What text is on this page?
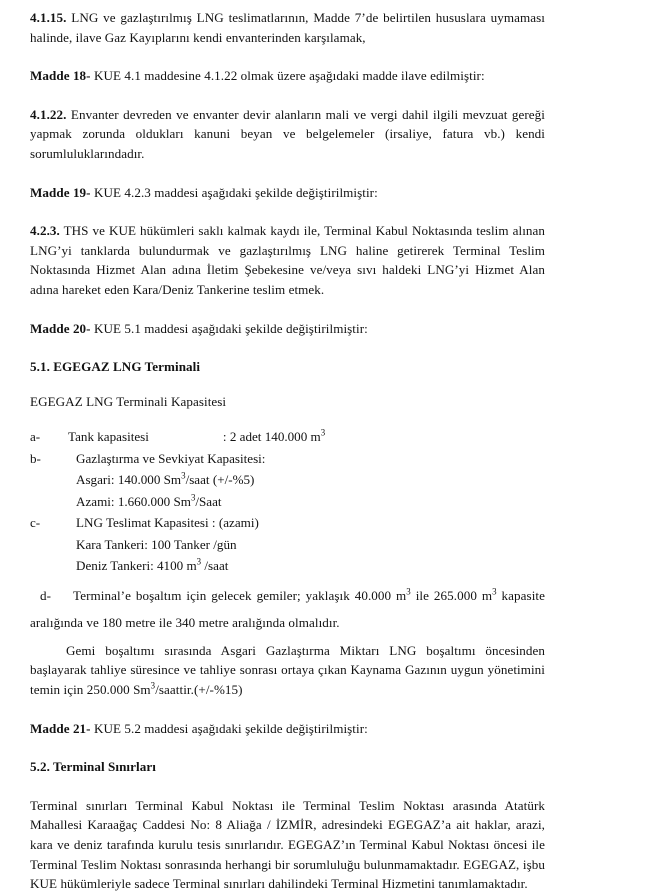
4.1.15. LNG ve gazlaştırılmış LNG teslimatlarının, Madde 7’de belirtilen hususlara uymaması halinde, ilave Gaz Kayıplarını kendi envanterinden karşılamak,

Madde 18- KUE 4.1 maddesine 4.1.22 olmak üzere aşağıdaki madde ilave edilmiştir:

4.1.22. Envanter devreden ve envanter devir alanların mali ve vergi dahil ilgili mevzuat gereği yapmak zorunda oldukları kanuni beyan ve belgelemeler (irsaliye, fatura vb.) kendi sorumluluklarındadır.

Madde 19- KUE 4.2.3 maddesi aşağıdaki şekilde değiştirilmiştir:

4.2.3. THS ve KUE hükümleri saklı kalmak kaydı ile, Terminal Kabul Noktasında teslim alınan LNG’yi tanklarda bulundurmak ve gazlaştırılmış LNG haline getirerek Terminal Teslim Noktasında Hizmet Alan adına İletim Şebekesine ve/veya sıvı haldeki LNG’yi Hizmet Alan adına hareket eden Kara/Deniz Tankerine teslim etmek.

Madde 20- KUE 5.1 maddesi aşağıdaki şekilde değiştirilmiştir:

5.1. EGEGAZ LNG Terminali

EGEGAZ LNG Terminali Kapasitesi

a-	Tank kapasitesi	: 2 adet 140.000 $m^3$
b-	Gazlaştırma ve Sevkiyat Kapasitesi:
Asgari: 140.000 Sm$^3$/saat (+/-%5)
Azami: 1.660.000 Sm$^3$/Saat
c-	LNG Teslimat Kapasitesi : (azami)
Kara Tankeri: 100 Tanker /gün
Deniz Tankeri: 4100 $m^3$ /saat

d- Terminal’e boşaltım için gelecek gemiler; yaklaşık 40.000 $m^3$ ile 265.000 $m^3$ kapasite aralığında ve 180 metre ile 340 metre aralığında olmalıdır.

Gemi boşaltımı sırasında Asgari Gazlaştırma Miktarı LNG boşaltımı öncesinden başlayarak tahliye süresince ve tahliye sonrası ortaya çıkan Kaynama Gazının uygun yönetimini temin için 250.000 $Sm^3/saattir.(+/-\%15)$

Madde 21- KUE 5.2 maddesi aşağıdaki şekilde değiştirilmiştir:

5.2. Terminal Sınırları

Terminal sınırları Terminal Kabul Noktası ile Terminal Teslim Noktası arasında Atatürk Mahallesi Karaağaç Caddesi No: 8 Aliağa / İZMİR, adresindeki EGEGAZ’a ait haklar, arazi, kara ve deniz tarafında kurulu tesis sınırlarıdır. EGEGAZ’ın Terminal Kabul Noktası öncesi ile Terminal Teslim Noktası sonrasında herhangi bir sorumluluğu bulunmamaktadır. EGEGAZ, işbu KUE hükümleriyle sadece Terminal sınırları dahilindeki Terminal Hizmetini tanımlamaktadır.
